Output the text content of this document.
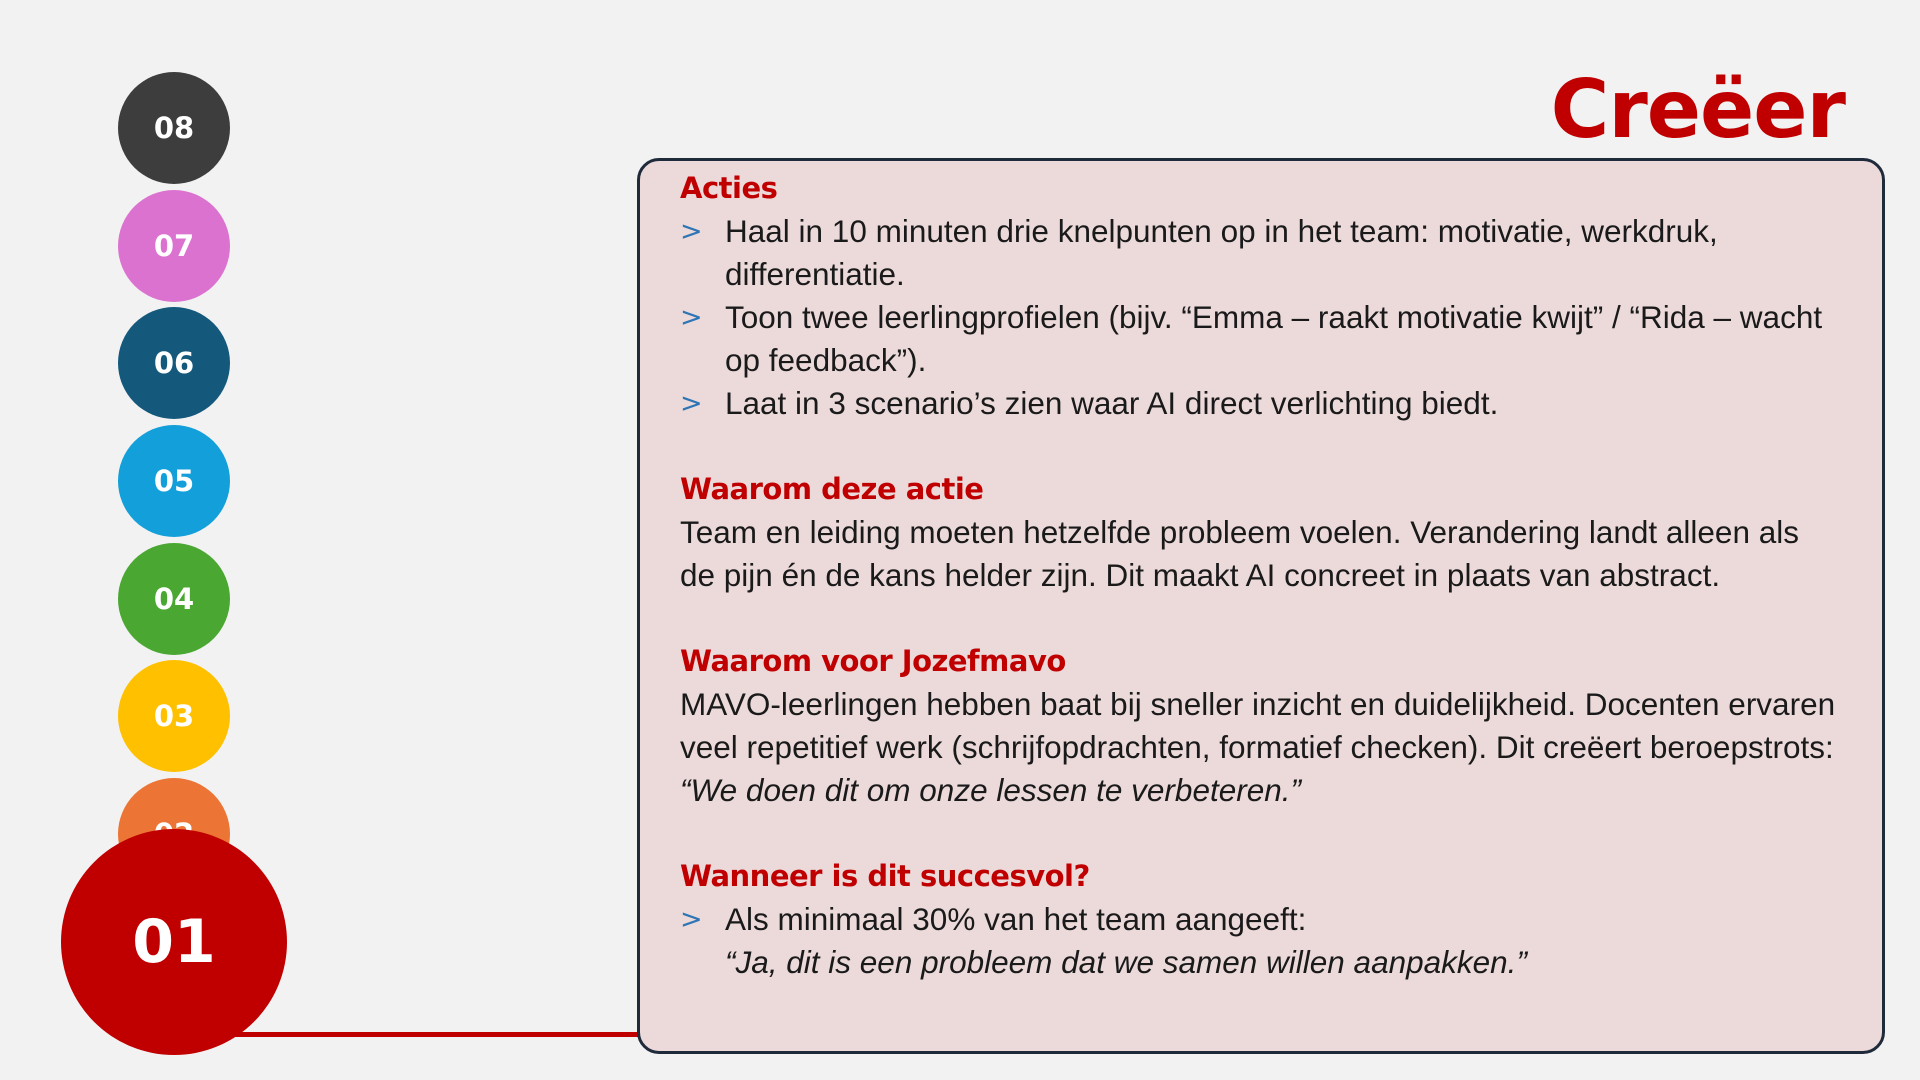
08
07
06
05
04
03
01
Creëer
Acties
> Haal in 10 minuten drie knelpunten op in het team: motivatie, werkdruk, differentiatie.
> Toon twee leerlingprofielen (bijv. “Emma – raakt motivatie kwijt” / “Rida – wacht op feedback”).
> Laat in 3 scenario’s zien waar AI direct verlichting biedt.
Waarom deze actie

Team en leiding moeten hetzelfde probleem voelen. Verandering landt alleen als de pijn én de kans helder zijn. Dit maakt AI concreet in plaats van abstract.

Waarom voor Jozefmavo

MAVO-leerlingen hebben baat bij sneller inzicht en duidelijkheid. Docenten ervaren veel repetitief werk (schrijfopdrachten, formatief checken). Dit creëert beroepstrots: “We doen dit om onze lessen te verbeteren.”

Wanneer is dit succesvol?
> Als minimaal 30% van het team aangeeft:
“Ja, dit is een probleem dat we samen willen aanpakken.”
